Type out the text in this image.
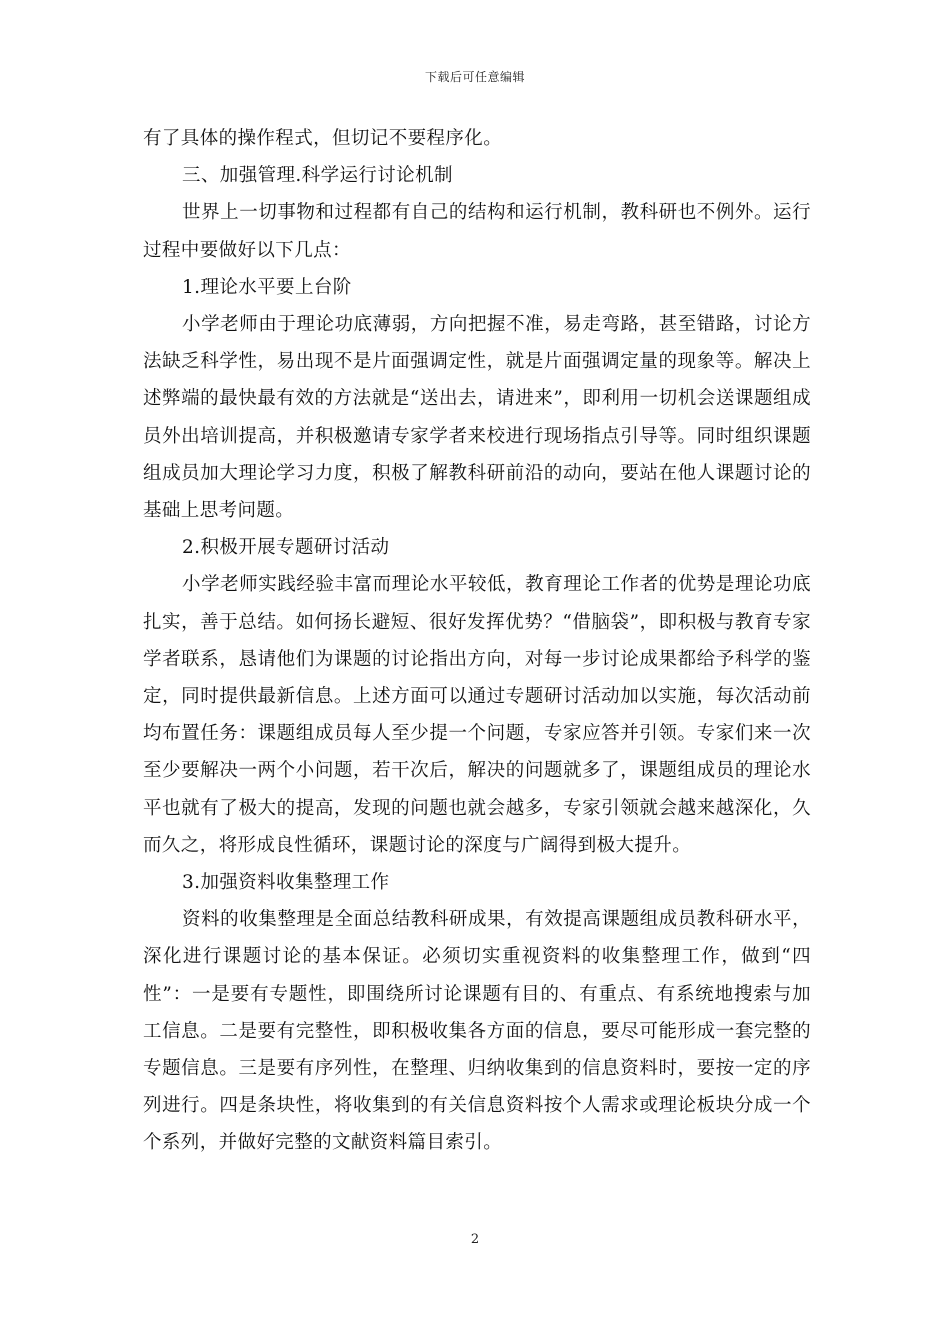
下载后可任意编辑

有了具体的操作程式，但切记不要程序化。

三、加强管理.科学运行讨论机制

世界上一切事物和过程都有自己的结构和运行机制，教科研也不例外。运行过程中要做好以下几点：

1.理论水平要上台阶

小学老师由于理论功底薄弱，方向把握不准，易走弯路，甚至错路，讨论方法缺乏科学性，易出现不是片面强调定性，就是片面强调定量的现象等。解决上述弊端的最快最有效的方法就是“送出去，请进来”，即利用一切机会送课题组成员外出培训提高，并积极邀请专家学者来校进行现场指点引导等。同时组织课题组成员加大理论学习力度，积极了解教科研前沿的动向，要站在他人课题讨论的基础上思考问题。

2.积极开展专题研讨活动

小学老师实践经验丰富而理论水平较低，教育理论工作者的优势是理论功底扎实，善于总结。如何扬长避短、很好发挥优势？“借脑袋”，即积极与教育专家学者联系，恳请他们为课题的讨论指出方向，对每一步讨论成果都给予科学的鉴定，同时提供最新信息。上述方面可以通过专题研讨活动加以实施，每次活动前均布置任务：课题组成员每人至少提一个问题，专家应答并引领。专家们来一次至少要解决一两个小问题，若干次后，解决的问题就多了，课题组成员的理论水平也就有了极大的提高，发现的问题也就会越多，专家引领就会越来越深化，久而久之，将形成良性循环，课题讨论的深度与广阔得到极大提升。

3.加强资料收集整理工作

资料的收集整理是全面总结教科研成果，有效提高课题组成员教科研水平，深化进行课题讨论的基本保证。必须切实重视资料的收集整理工作，做到“四性”：一是要有专题性，即围绕所讨论课题有目的、有重点、有系统地搜索与加工信息。二是要有完整性，即积极收集各方面的信息，要尽可能形成一套完整的专题信息。三是要有序列性，在整理、归纳收集到的信息资料时，要按一定的序列进行。四是条块性，将收集到的有关信息资料按个人需求或理论板块分成一个个系列，并做好完整的文献资料篇目索引。

2
